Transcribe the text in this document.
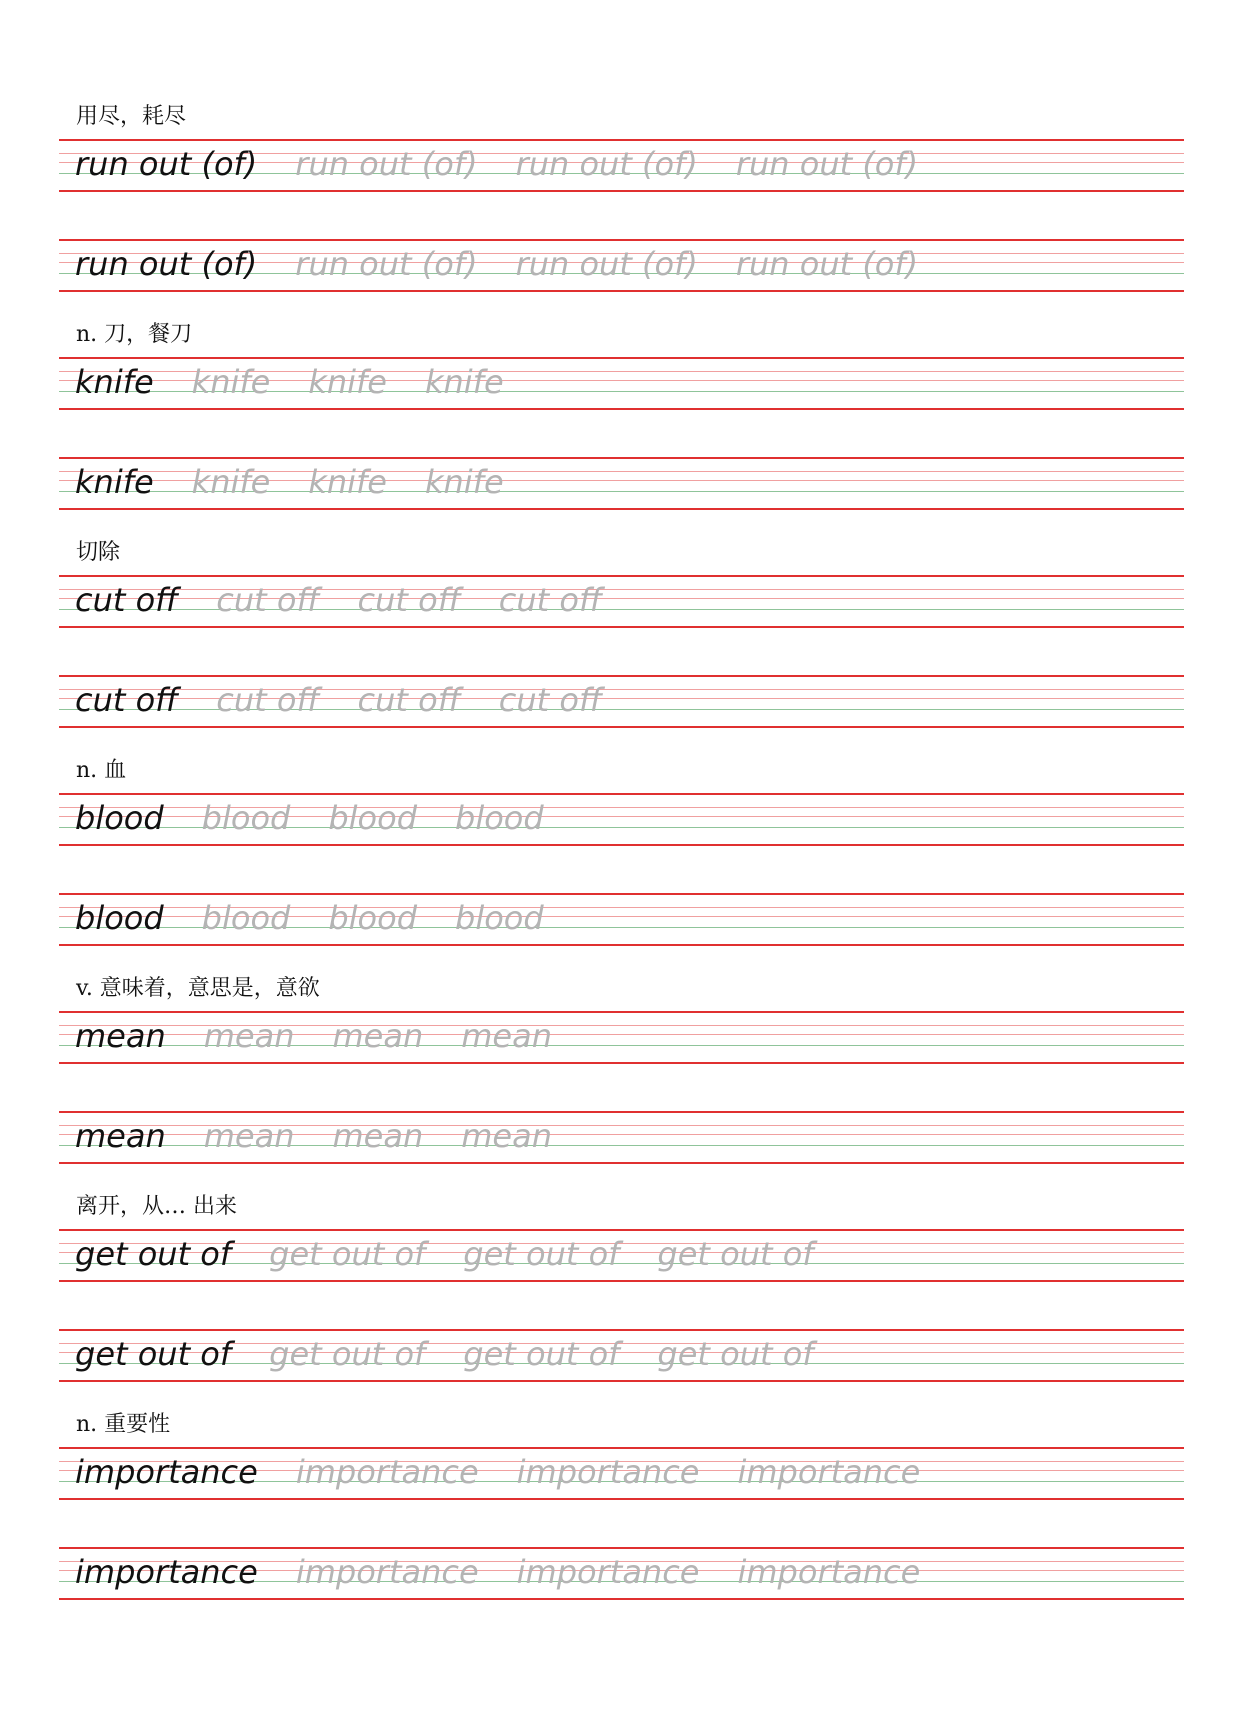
用尽，耗尽
run out (of) run out (of) run out (of) run out (of)
run out (of) run out (of) run out (of) run out (of)
n. 刀，餐刀
knife knife knife knife
knife knife knife knife
切除
cut off cut off cut off cut off
cut off cut off cut off cut off
n. 血
blood blood blood blood
blood blood blood blood
v. 意味着，意思是，意欲
mean mean mean mean
mean mean mean mean
离开，从… 出来
get out of get out of get out of get out of
get out of get out of get out of get out of
n. 重要性
importance importance importance importance
importance importance importance importance
